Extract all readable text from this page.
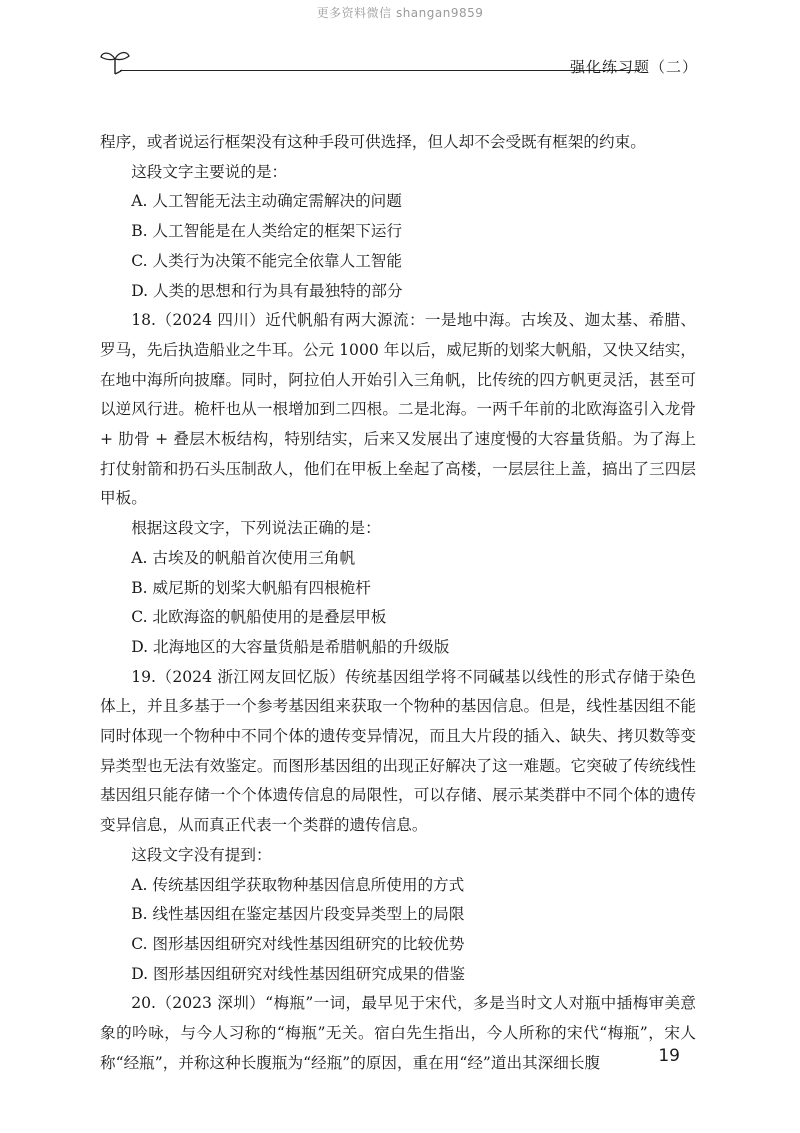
更多资料微信 shangan9859
强化练习题（二）

程序，或者说运行框架没有这种手段可供选择，但人却不会受既有框架的约束。

这段文字主要说的是：

A. 人工智能无法主动确定需解决的问题

B. 人工智能是在人类给定的框架下运行

C. 人类行为决策不能完全依靠人工智能

D. 人类的思想和行为具有最独特的部分

18.（2024 四川）近代帆船有两大源流：一是地中海。古埃及、迦太基、希腊、罗马，先后执造船业之牛耳。公元 1000 年以后，威尼斯的划桨大帆船，又快又结实，在地中海所向披靡。同时，阿拉伯人开始引入三角帆，比传统的四方帆更灵活，甚至可以逆风行进。桅杆也从一根增加到二四根。二是北海。一两千年前的北欧海盗引入龙骨 + 肋骨 + 叠层木板结构，特别结实，后来又发展出了速度慢的大容量货船。为了海上打仗射箭和扔石头压制敌人，他们在甲板上垒起了高楼，一层层往上盖，搞出了三四层甲板。

根据这段文字，下列说法正确的是：

A. 古埃及的帆船首次使用三角帆

B. 威尼斯的划桨大帆船有四根桅杆

C. 北欧海盗的帆船使用的是叠层甲板

D. 北海地区的大容量货船是希腊帆船的升级版

19.（2024 浙江网友回忆版）传统基因组学将不同碱基以线性的形式存储于染色体上，并且多基于一个参考基因组来获取一个物种的基因信息。但是，线性基因组不能同时体现一个物种中不同个体的遗传变异情况，而且大片段的插入、缺失、拷贝数等变异类型也无法有效鉴定。而图形基因组的出现正好解决了这一难题。它突破了传统线性基因组只能存储一个个体遗传信息的局限性，可以存储、展示某类群中不同个体的遗传变异信息，从而真正代表一个类群的遗传信息。

这段文字没有提到：

A. 传统基因组学获取物种基因信息所使用的方式

B. 线性基因组在鉴定基因片段变异类型上的局限

C. 图形基因组研究对线性基因组研究的比较优势

D. 图形基因组研究对线性基因组研究成果的借鉴

20.（2023 深圳）“梅瓶”一词，最早见于宋代，多是当时文人对瓶中插梅审美意象的吟咏，与今人习称的“梅瓶”无关。宿白先生指出，今人所称的宋代“梅瓶”，宋人称“经瓶”，并称这种长腹瓶为“经瓶”的原因，重在用“经”道出其深细长腹	19
